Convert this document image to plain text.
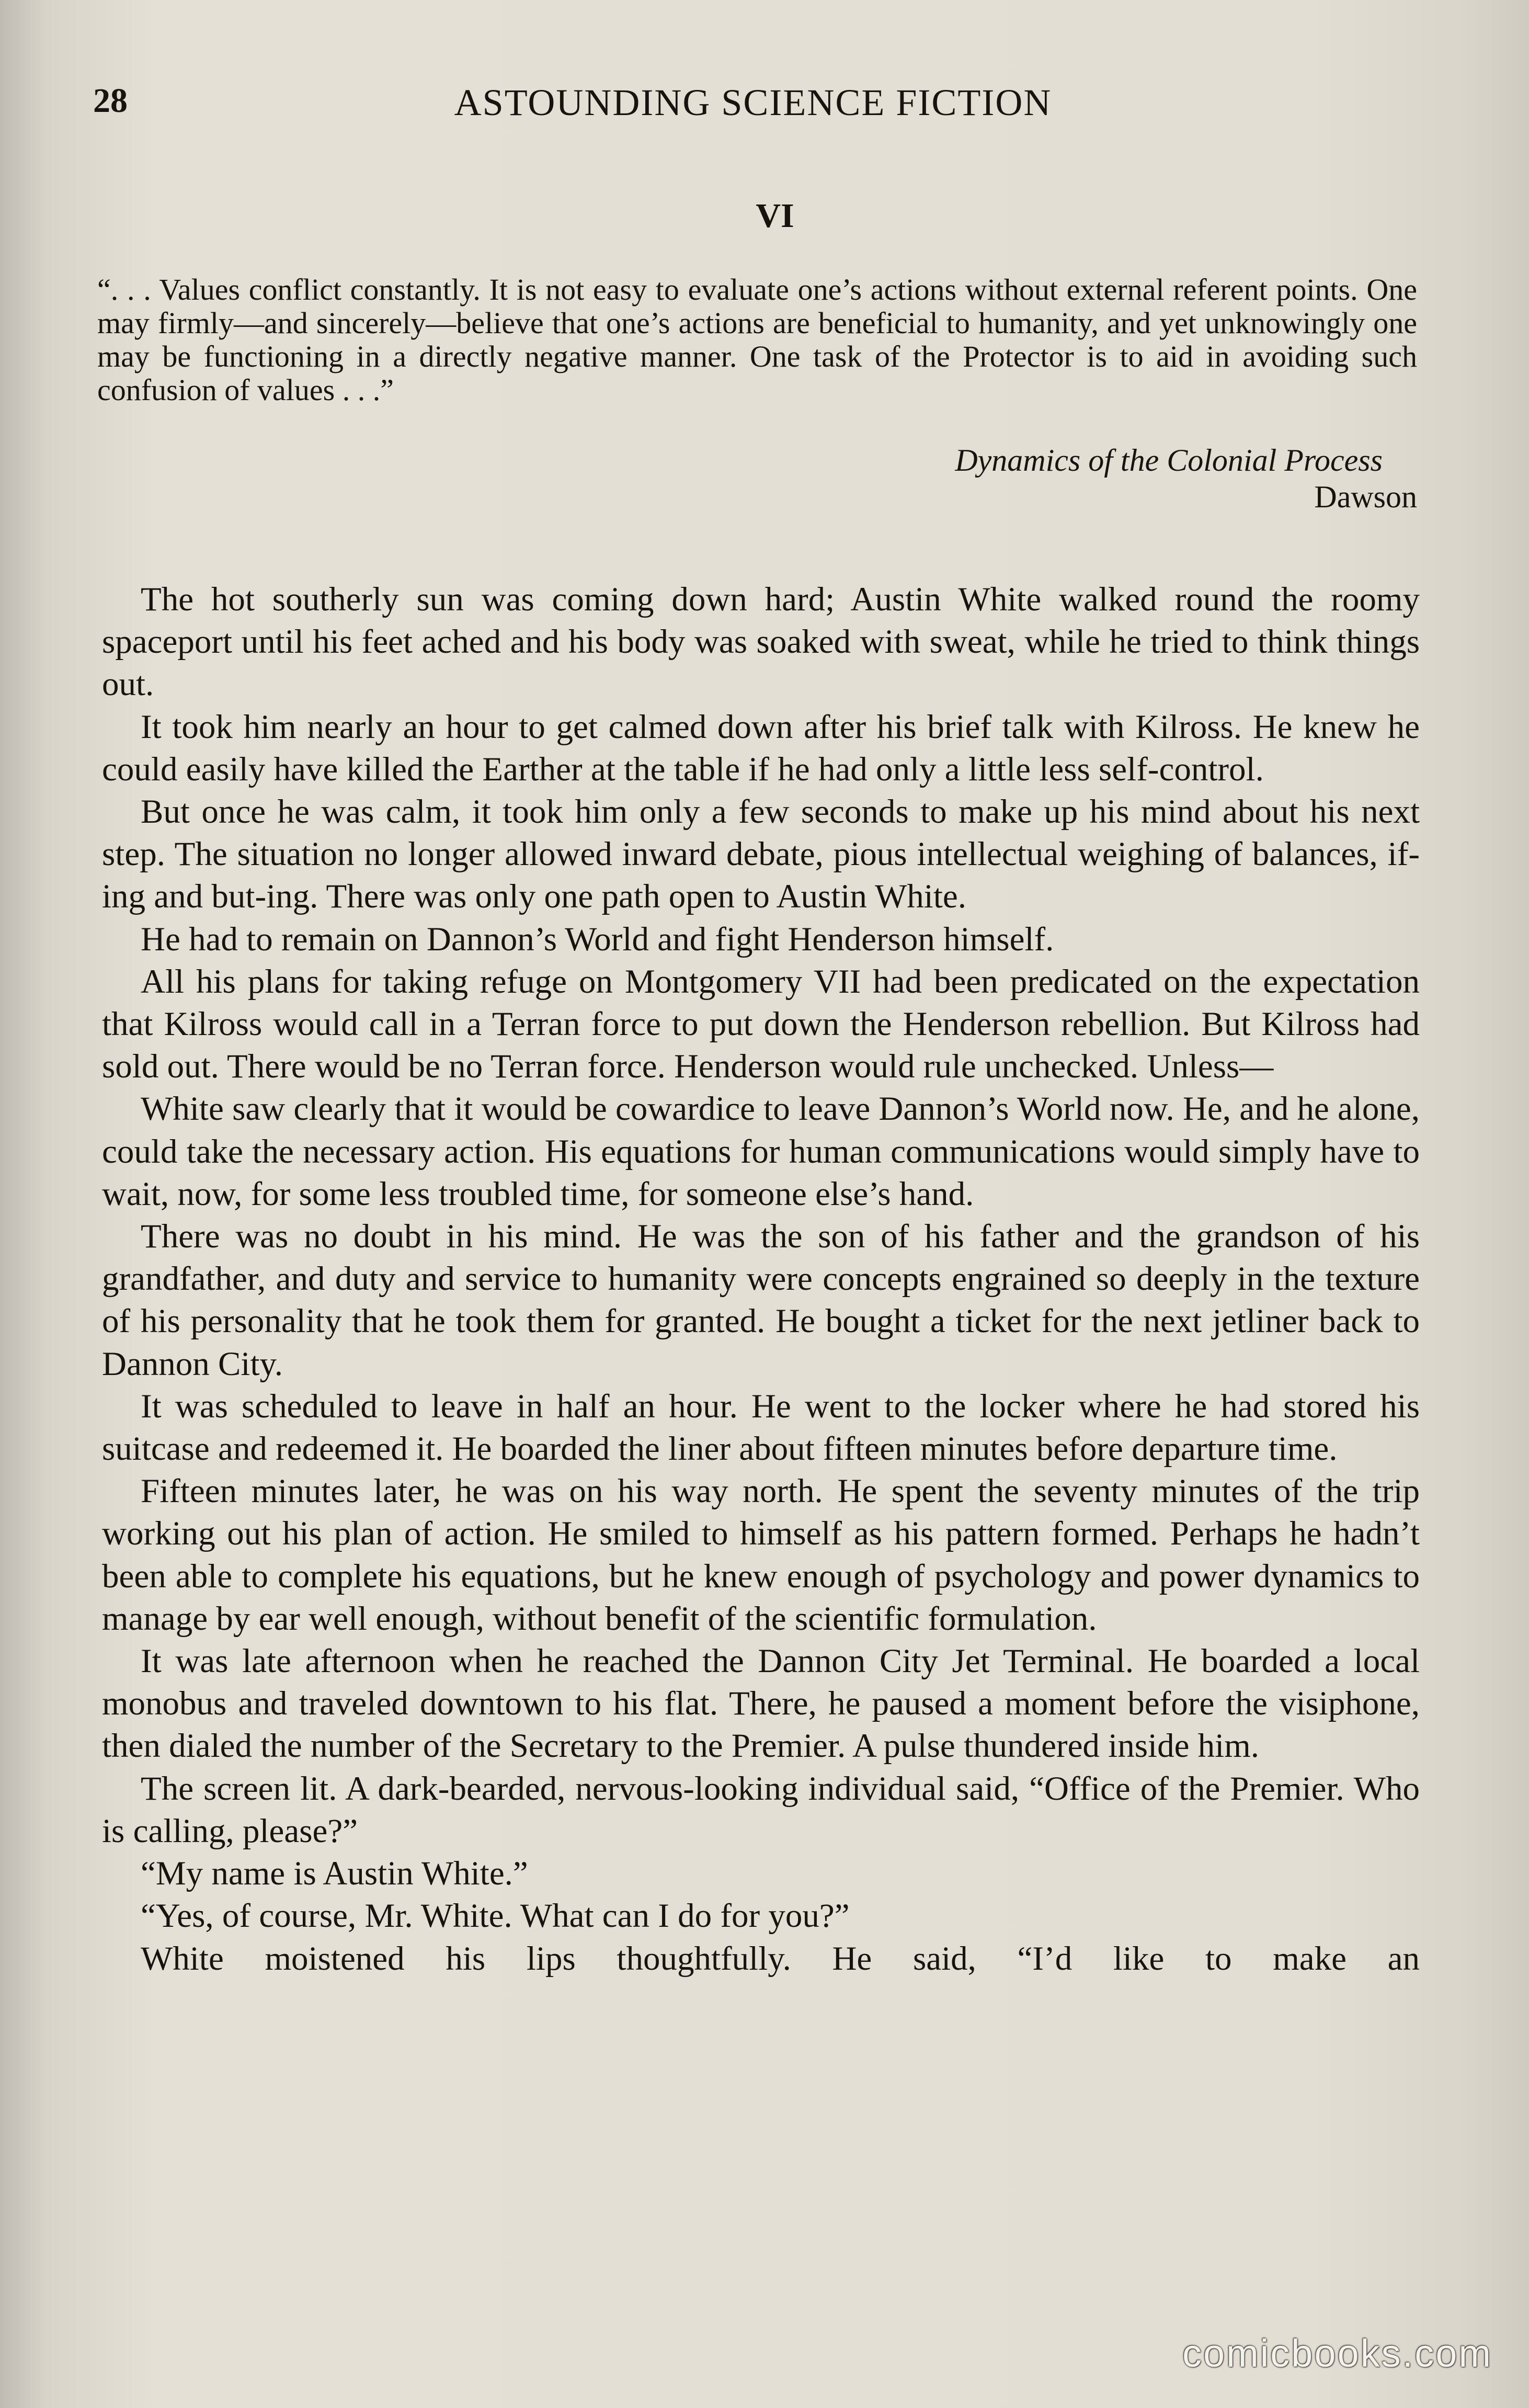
28	ASTOUNDING SCIENCE FICTION
VI

“. . . Values conflict constantly. It is not easy to evaluate one’s actions without external referent points. One may firmly—and sincerely—believe that one’s actions are beneficial to humanity, and yet unknowingly one may be functioning in a directly negative manner. One task of the Protector is to aid in avoiding such confusion of values . . .”

Dynamics of the Colonial Process

Dawson

The hot southerly sun was coming down hard; Austin White walked round the roomy spaceport until his feet ached and his body was soaked with sweat, while he tried to think things out.

It took him nearly an hour to get calmed down after his brief talk with Kilross. He knew he could easily have killed the Earther at the table if he had only a little less self-control.

But once he was calm, it took him only a few seconds to make up his mind about his next step. The situation no longer allowed inward debate, pious intellectual weighing of balances, if-ing and but-ing. There was only one path open to Austin White.

He had to remain on Dannon’s World and fight Henderson himself.

All his plans for taking refuge on Montgomery VII had been predicated on the expectation that Kilross would call in a Terran force to put down the Henderson rebellion. But Kilross had sold out. There would be no Terran force. Henderson would rule unchecked. Unless—

White saw clearly that it would be cowardice to leave Dannon’s World now. He, and he alone, could take the necessary action. His equations for human communications would simply have to wait, now, for some less troubled time, for someone else’s hand.

There was no doubt in his mind. He was the son of his father and the grandson of his grandfather, and duty and service to humanity were concepts engrained so deeply in the texture of his personality that he took them for granted. He bought a ticket for the next jetliner back to Dannon City.

It was scheduled to leave in half an hour. He went to the locker where he had stored his suitcase and redeemed it. He boarded the liner about fifteen minutes before departure time.

Fifteen minutes later, he was on his way north. He spent the seventy minutes of the trip working out his plan of action. He smiled to himself as his pattern formed. Perhaps he hadn’t been able to complete his equations, but he knew enough of psychology and power dynamics to manage by ear well enough, without benefit of the scientific formulation.

It was late afternoon when he reached the Dannon City Jet Terminal. He boarded a local monobus and traveled downtown to his flat. There, he paused a moment before the visiphone, then dialed the number of the Secretary to the Premier. A pulse thundered inside him.

The screen lit. A dark-bearded, nervous-looking individual said, “Office of the Premier. Who is calling, please?”

“My name is Austin White.”

“Yes, of course, Mr. White. What can I do for you?”

White moistened his lips thoughtfully. He said, “I’d like to make an

comicbooks.com
